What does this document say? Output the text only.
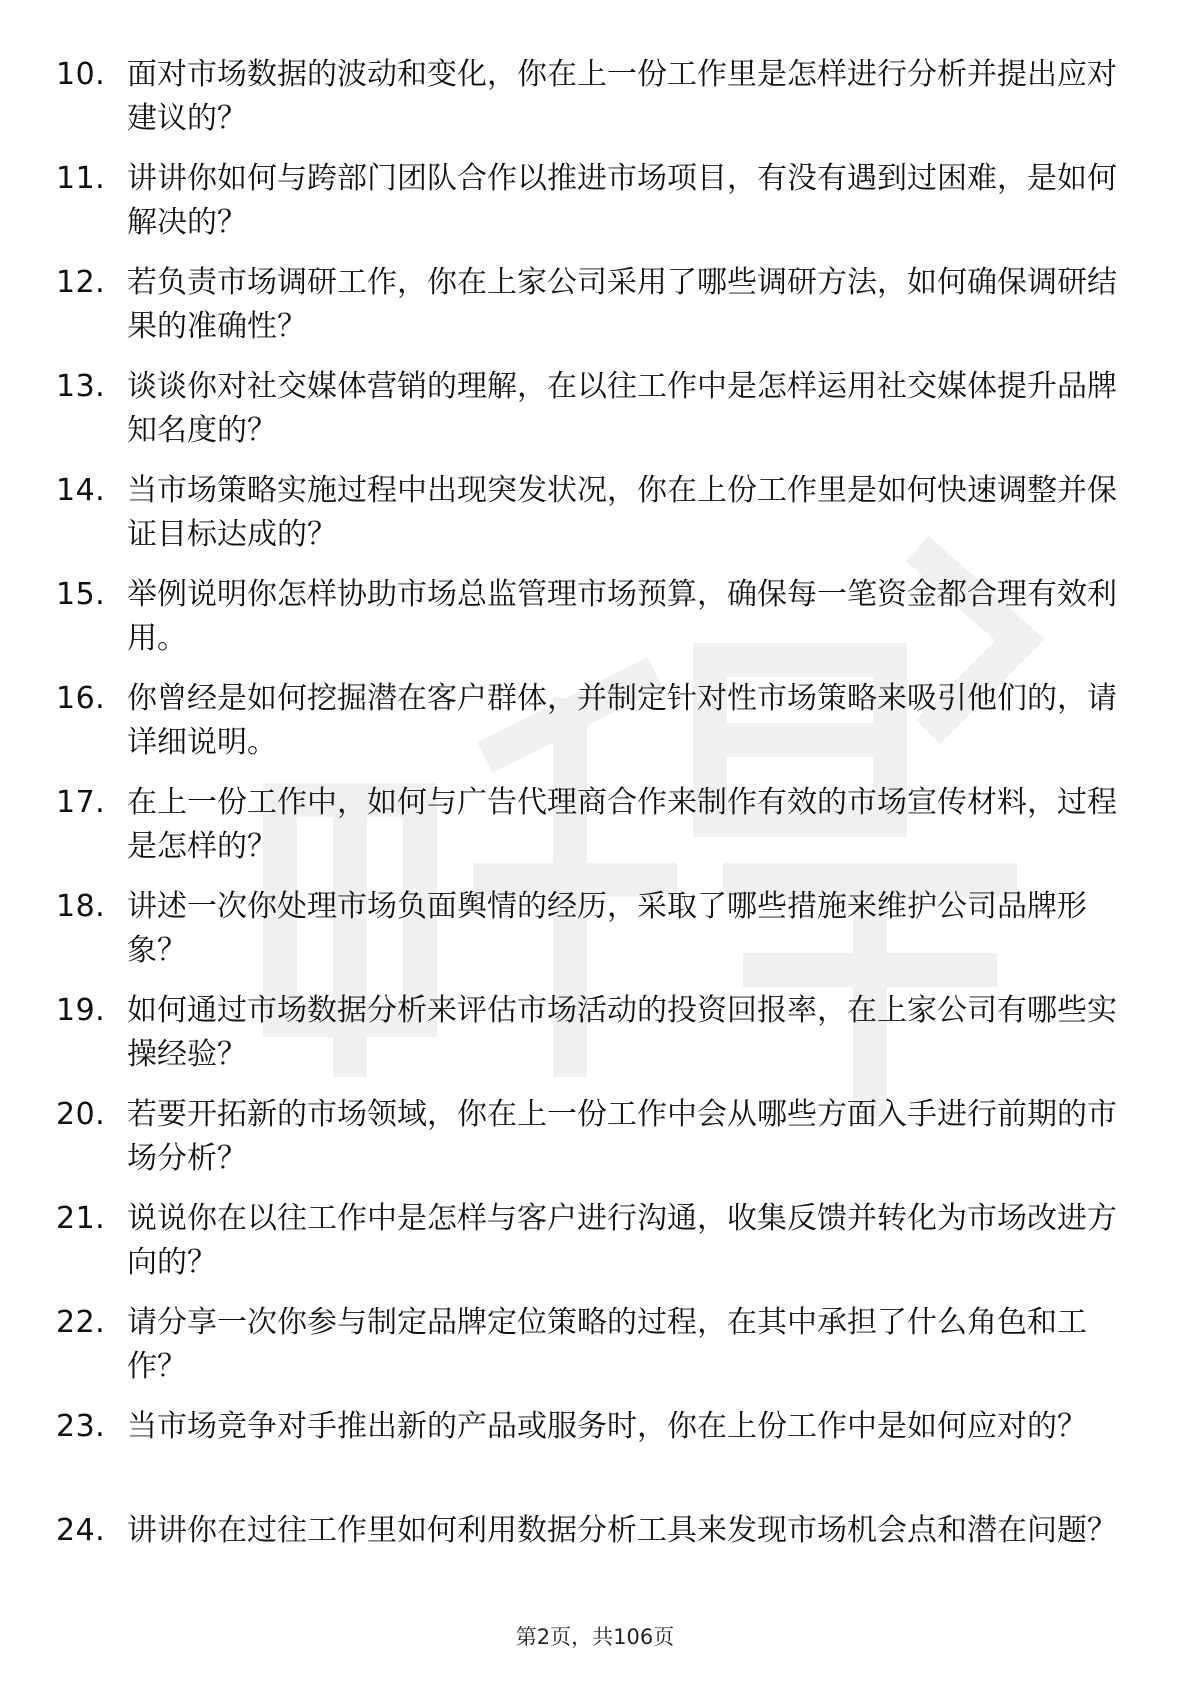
10. 面对市场数据的波动和变化，你在上一份工作里是怎样进行分析并提出应对建议的？
11. 讲讲你如何与跨部门团队合作以推进市场项目，有没有遇到过困难，是如何解决的？
12. 若负责市场调研工作，你在上家公司采用了哪些调研方法，如何确保调研结果的准确性？
13. 谈谈你对社交媒体营销的理解，在以往工作中是怎样运用社交媒体提升品牌知名度的？
14. 当市场策略实施过程中出现突发状况，你在上份工作里是如何快速调整并保证目标达成的？
15. 举例说明你怎样协助市场总监管理市场预算，确保每一笔资金都合理有效利用。
16. 你曾经是如何挖掘潜在客户群体，并制定针对性市场策略来吸引他们的，请详细说明。
17. 在上一份工作中，如何与广告代理商合作来制作有效的市场宣传材料，过程是怎样的？
18. 讲述一次你处理市场负面舆情的经历，采取了哪些措施来维护公司品牌形象？
19. 如何通过市场数据分析来评估市场活动的投资回报率，在上家公司有哪些实操经验？
20. 若要开拓新的市场领域，你在上一份工作中会从哪些方面入手进行前期的市场分析？
21. 说说你在以往工作中是怎样与客户进行沟通，收集反馈并转化为市场改进方向的？
22. 请分享一次你参与制定品牌定位策略的过程，在其中承担了什么角色和工作？
23. 当市场竞争对手推出新的产品或服务时，你在上份工作中是如何应对的？
24. 讲讲你在过往工作里如何利用数据分析工具来发现市场机会点和潜在问题？
第2页，共106页
